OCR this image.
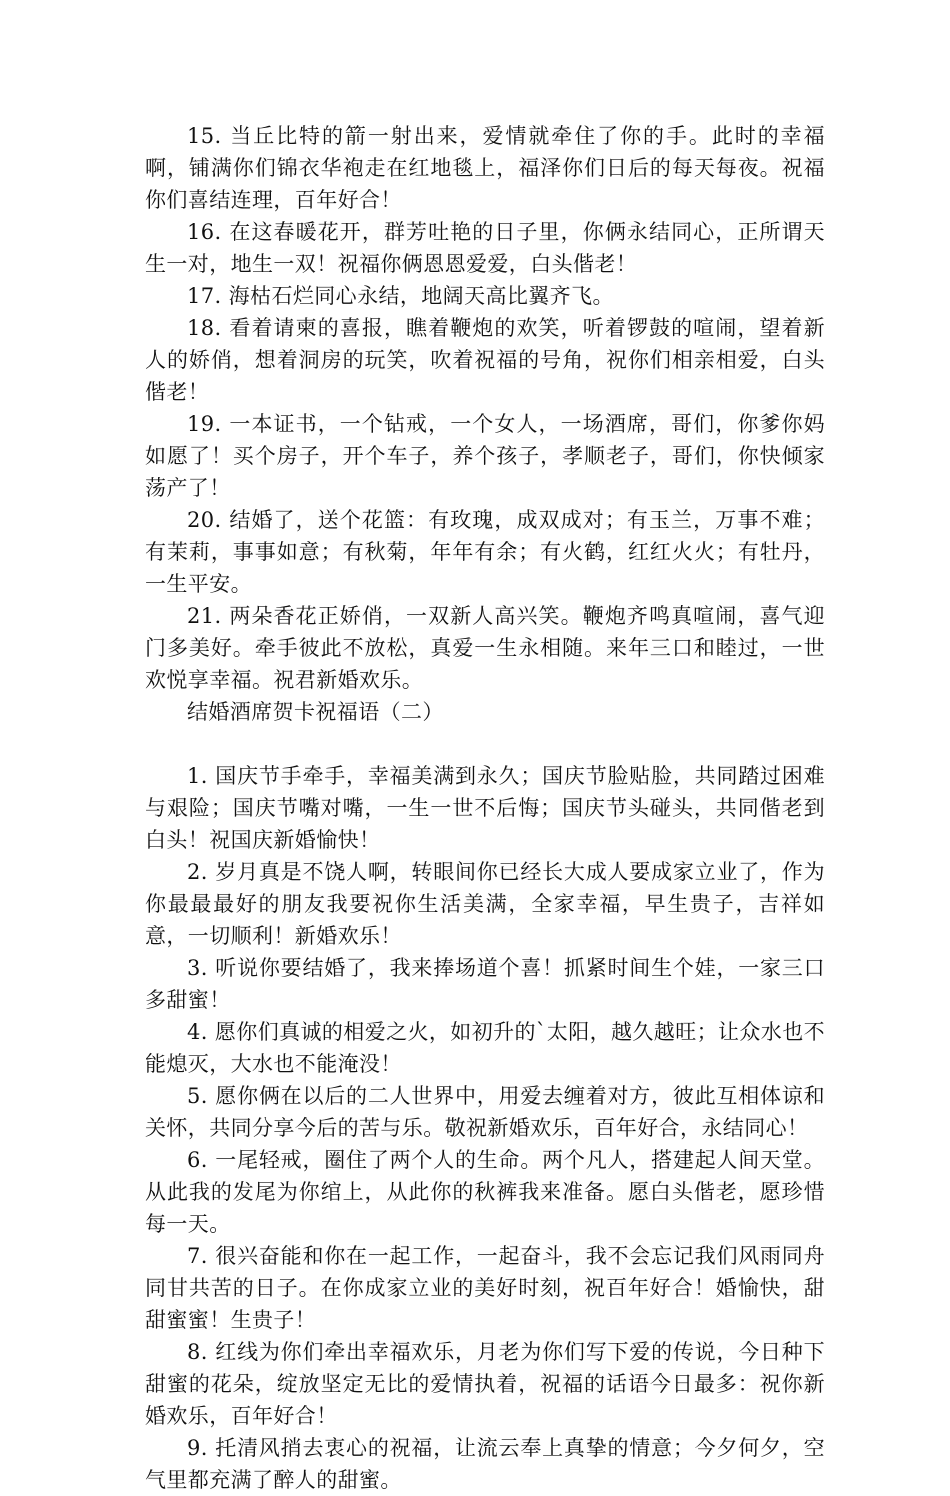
15. 当丘比特的箭一射出来，爱情就牵住了你的手。此时的幸福啊，铺满你们锦衣华袍走在红地毯上，福泽你们日后的每天每夜。祝福你们喜结连理，百年好合！

16. 在这春暖花开，群芳吐艳的日子里，你俩永结同心，正所谓天生一对，地生一双！祝福你俩恩恩爱爱，白头偕老！

17. 海枯石烂同心永结，地阔天高比翼齐飞。

18. 看着请柬的喜报，瞧着鞭炮的欢笑，听着锣鼓的喧闹，望着新人的娇俏，想着洞房的玩笑，吹着祝福的号角，祝你们相亲相爱，白头偕老！

19. 一本证书，一个钻戒，一个女人，一场酒席，哥们，你爹你妈如愿了！买个房子，开个车子，养个孩子，孝顺老子，哥们，你快倾家荡产了！

20. 结婚了，送个花篮：有玫瑰，成双成对；有玉兰，万事不难；有茉莉，事事如意；有秋菊，年年有余；有火鹤，红红火火；有牡丹，一生平安。

21. 两朵香花正娇俏，一双新人高兴笑。鞭炮齐鸣真喧闹，喜气迎门多美好。牵手彼此不放松，真爱一生永相随。来年三口和睦过，一世欢悦享幸福。祝君新婚欢乐。

结婚酒席贺卡祝福语（二）

1. 国庆节手牵手，幸福美满到永久；国庆节脸贴脸，共同踏过困难与艰险；国庆节嘴对嘴，一生一世不后悔；国庆节头碰头，共同偕老到白头！祝国庆新婚愉快！

2. 岁月真是不饶人啊，转眼间你已经长大成人要成家立业了，作为你最最最好的朋友我要祝你生活美满，全家幸福，早生贵子，吉祥如意，一切顺利！新婚欢乐！

3. 听说你要结婚了，我来捧场道个喜！抓紧时间生个娃，一家三口多甜蜜！

4. 愿你们真诚的相爱之火，如初升的`太阳，越久越旺；让众水也不能熄灭，大水也不能淹没！

5. 愿你俩在以后的二人世界中，用爱去缠着对方，彼此互相体谅和关怀，共同分享今后的苦与乐。敬祝新婚欢乐，百年好合，永结同心！

6. 一尾轻戒，圈住了两个人的生命。两个凡人，搭建起人间天堂。从此我的发尾为你绾上，从此你的秋裤我来准备。愿白头偕老，愿珍惜每一天。

7. 很兴奋能和你在一起工作，一起奋斗，我不会忘记我们风雨同舟同甘共苦的日子。在你成家立业的美好时刻，祝百年好合！婚愉快，甜甜蜜蜜！生贵子！

8. 红线为你们牵出幸福欢乐，月老为你们写下爱的传说，今日种下甜蜜的花朵，绽放坚定无比的爱情执着，祝福的话语今日最多：祝你新婚欢乐，百年好合！

9. 托清风捎去衷心的祝福，让流云奉上真挚的情意；今夕何夕，空气里都充满了醉人的甜蜜。
